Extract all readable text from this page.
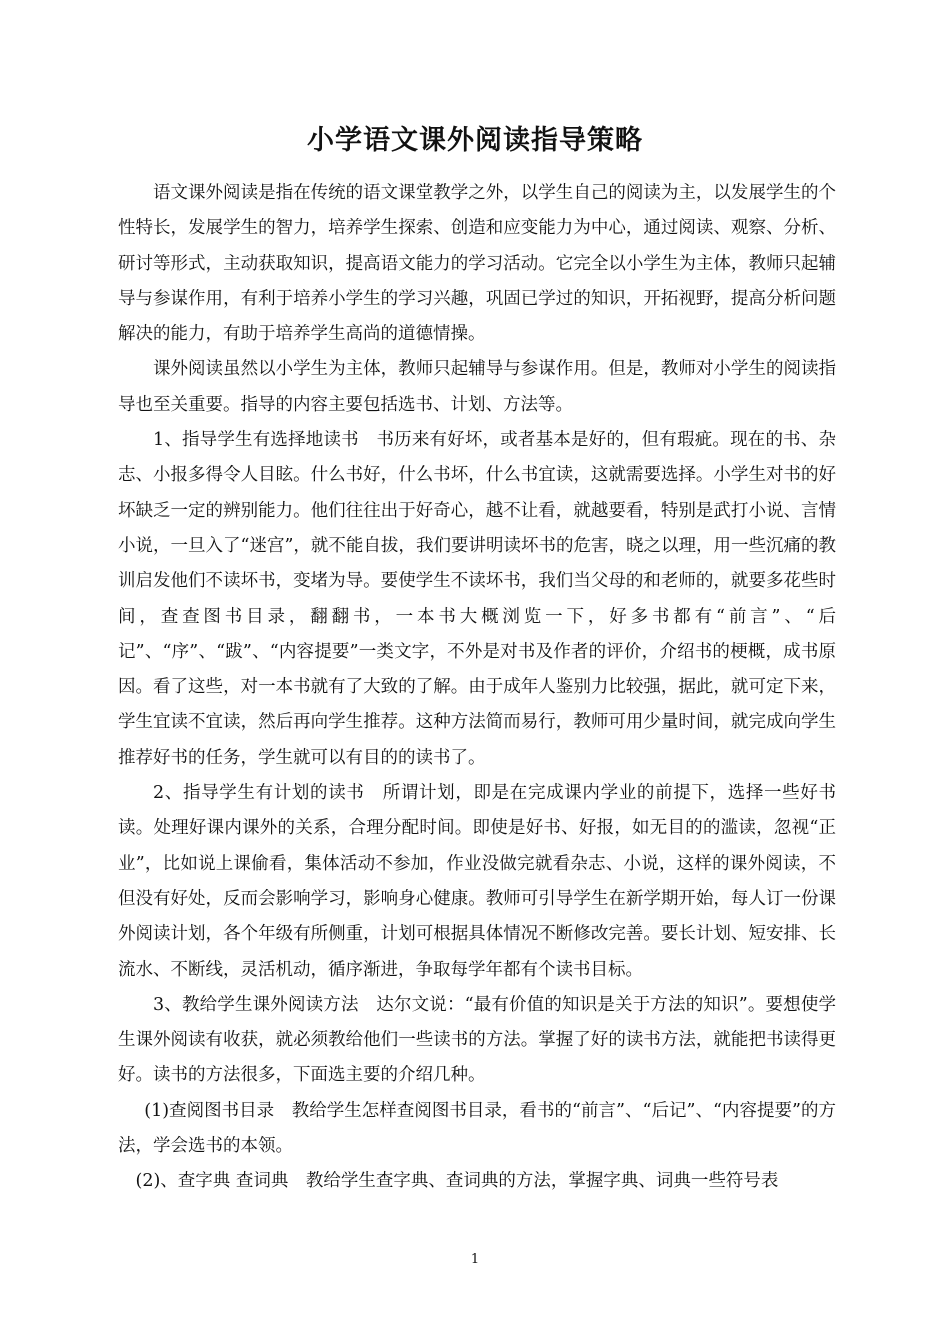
小学语文课外阅读指导策略

语文课外阅读是指在传统的语文课堂教学之外，以学生自己的阅读为主，以发展学生的个性特长，发展学生的智力，培养学生探索、创造和应变能力为中心，通过阅读、观察、分析、研讨等形式，主动获取知识，提高语文能力的学习活动。它完全以小学生为主体，教师只起辅导与参谋作用，有利于培养小学生的学习兴趣，巩固已学过的知识，开拓视野，提高分析问题解决的能力，有助于培养学生高尚的道德情操。

课外阅读虽然以小学生为主体，教师只起辅导与参谋作用。但是，教师对小学生的阅读指导也至关重要。指导的内容主要包括选书、计划、方法等。

1、指导学生有选择地读书　书历来有好坏，或者基本是好的，但有瑕疵。现在的书、杂志、小报多得令人目眩。什么书好，什么书坏，什么书宜读，这就需要选择。小学生对书的好坏缺乏一定的辨别能力。他们往往出于好奇心，越不让看，就越要看，特别是武打小说、言情小说，一旦入了“迷宫”，就不能自拔，我们要讲明读坏书的危害，晓之以理，用一些沉痛的教训启发他们不读坏书，变堵为导。要使学生不读坏书，我们当父母的和老师的，就要多花些时间，查查图书目录，翻翻书，一本书大概浏览一下，好多书都有“前言”、“后记”、“序”、“跋”、“内容提要”一类文字，不外是对书及作者的评价，介绍书的梗概，成书原因。看了这些，对一本书就有了大致的了解。由于成年人鉴别力比较强，据此，就可定下来，学生宜读不宜读，然后再向学生推荐。这种方法简而易行，教师可用少量时间，就完成向学生推荐好书的任务，学生就可以有目的的读书了。

2、指导学生有计划的读书　所谓计划，即是在完成课内学业的前提下，选择一些好书读。处理好课内课外的关系，合理分配时间。即使是好书、好报，如无目的的滥读，忽视“正业”，比如说上课偷看，集体活动不参加，作业没做完就看杂志、小说，这样的课外阅读，不但没有好处，反而会影响学习，影响身心健康。教师可引导学生在新学期开始，每人订一份课外阅读计划，各个年级有所侧重，计划可根据具体情况不断修改完善。要长计划、短安排、长流水、不断线，灵活机动，循序渐进，争取每学年都有个读书目标。

3、教给学生课外阅读方法　达尔文说：“最有价值的知识是关于方法的知识”。要想使学生课外阅读有收获，就必须教给他们一些读书的方法。掌握了好的读书方法，就能把书读得更好。读书的方法很多，下面选主要的介绍几种。

(1)查阅图书目录　教给学生怎样查阅图书目录，看书的“前言”、“后记”、“内容提要”的方法，学会选书的本领。

(2)、查字典 查词典　教给学生查字典、查词典的方法，掌握字典、词典一些符号表

1
